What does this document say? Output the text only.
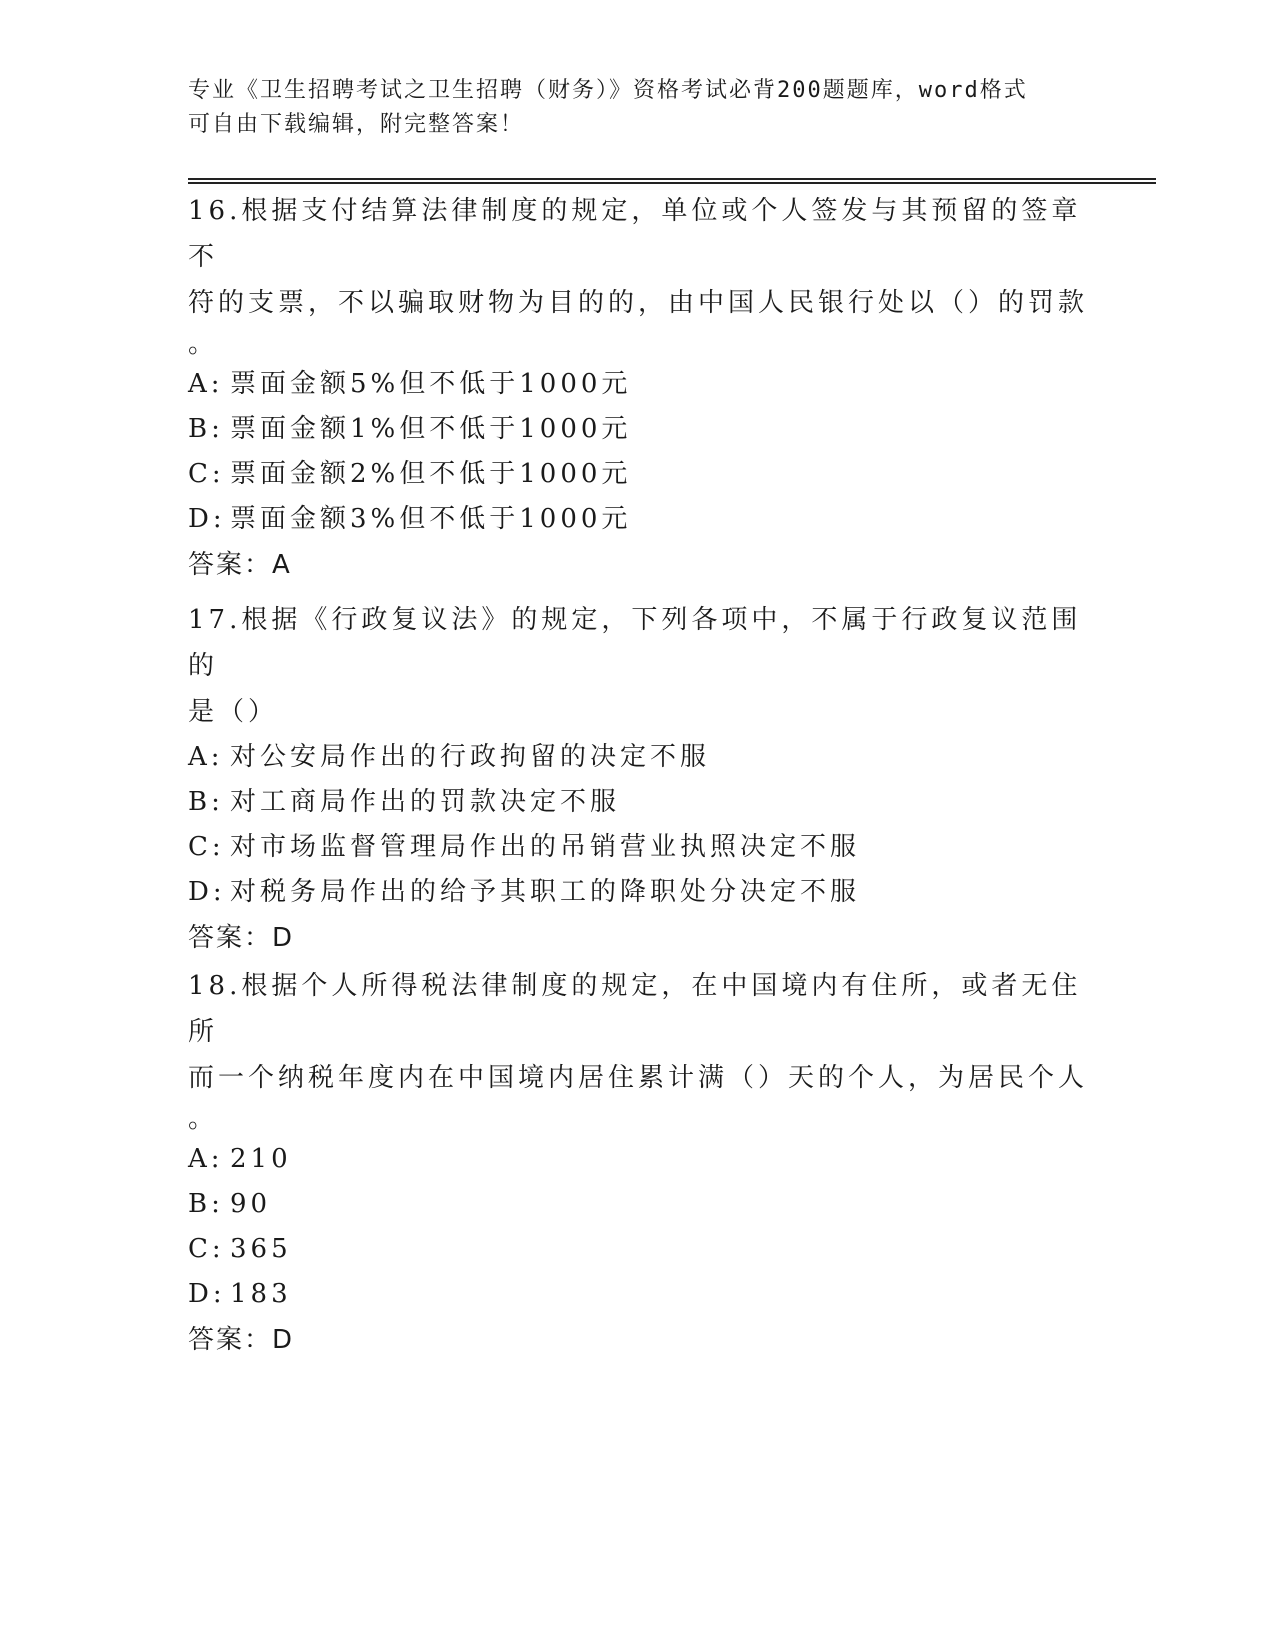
专业《卫生招聘考试之卫生招聘（财务）》资格考试必背200题题库，word格式
可自由下载编辑，附完整答案！

16.根据支付结算法律制度的规定，单位或个人签发与其预留的签章不

符的支票，不以骗取财物为目的的，由中国人民银行处以（）的罚款

。

A: 票面金额5%但不低于1000元

B: 票面金额1%但不低于1000元

C: 票面金额2%但不低于1000元

D: 票面金额3%但不低于1000元

答案：A

17.根据《行政复议法》的规定，下列各项中，不属于行政复议范围的

是（）

A: 对公安局作出的行政拘留的决定不服

B: 对工商局作出的罚款决定不服

C: 对市场监督管理局作出的吊销营业执照决定不服

D: 对税务局作出的给予其职工的降职处分决定不服

答案：D

18.根据个人所得税法律制度的规定，在中国境内有住所，或者无住所

而一个纳税年度内在中国境内居住累计满（）天的个人，为居民个人

。

A: 210

B: 90

C: 365

D: 183

答案：D
